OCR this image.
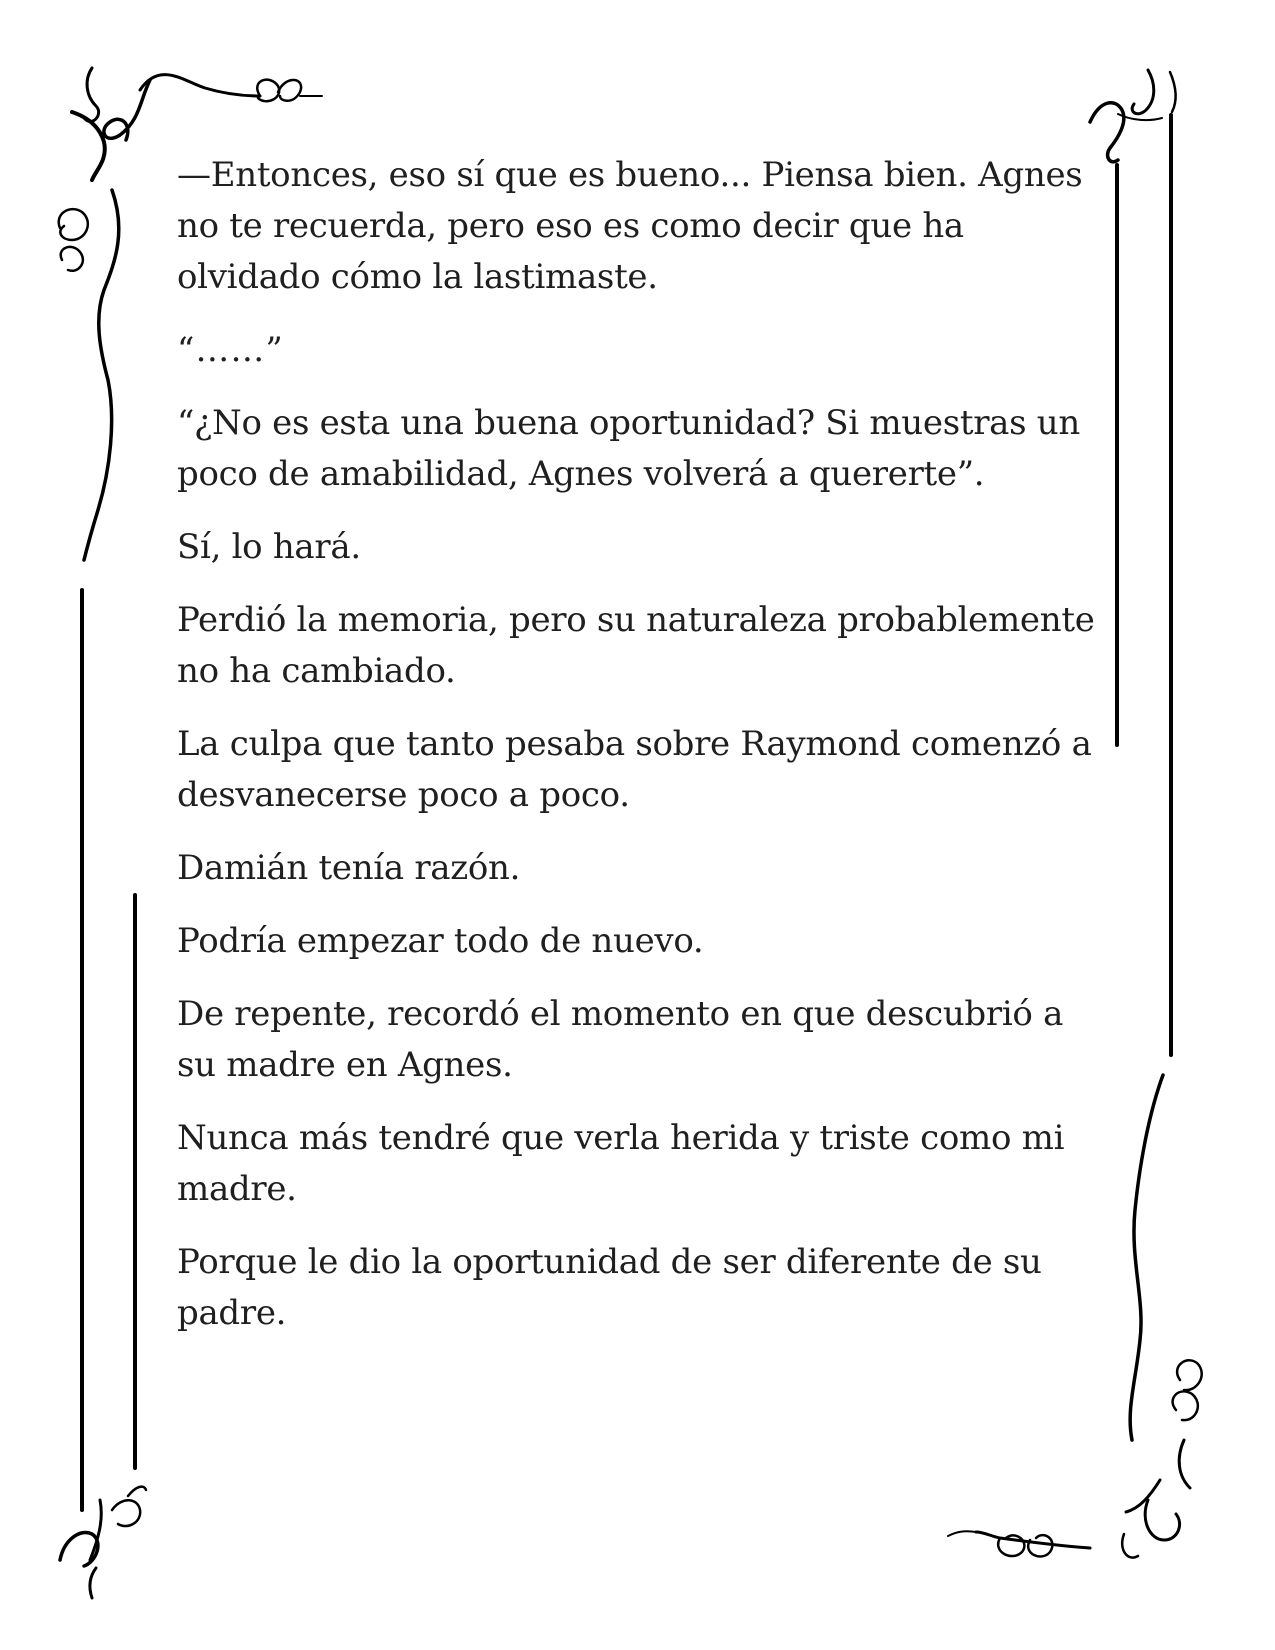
—Entonces, eso sí que es bueno... Piensa bien. Agnes no te recuerda, pero eso es como decir que ha olvidado cómo la lastimaste.

“……”

“¿No es esta una buena oportunidad? Si muestras un poco de amabilidad, Agnes volverá a quererte”.

Sí, lo hará.

Perdió la memoria, pero su naturaleza probablemente no ha cambiado.

La culpa que tanto pesaba sobre Raymond comenzó a desvanecerse poco a poco.

Damián tenía razón.

Podría empezar todo de nuevo.

De repente, recordó el momento en que descubrió a su madre en Agnes.

Nunca más tendré que verla herida y triste como mi madre.

Porque le dio la oportunidad de ser diferente de su padre.
